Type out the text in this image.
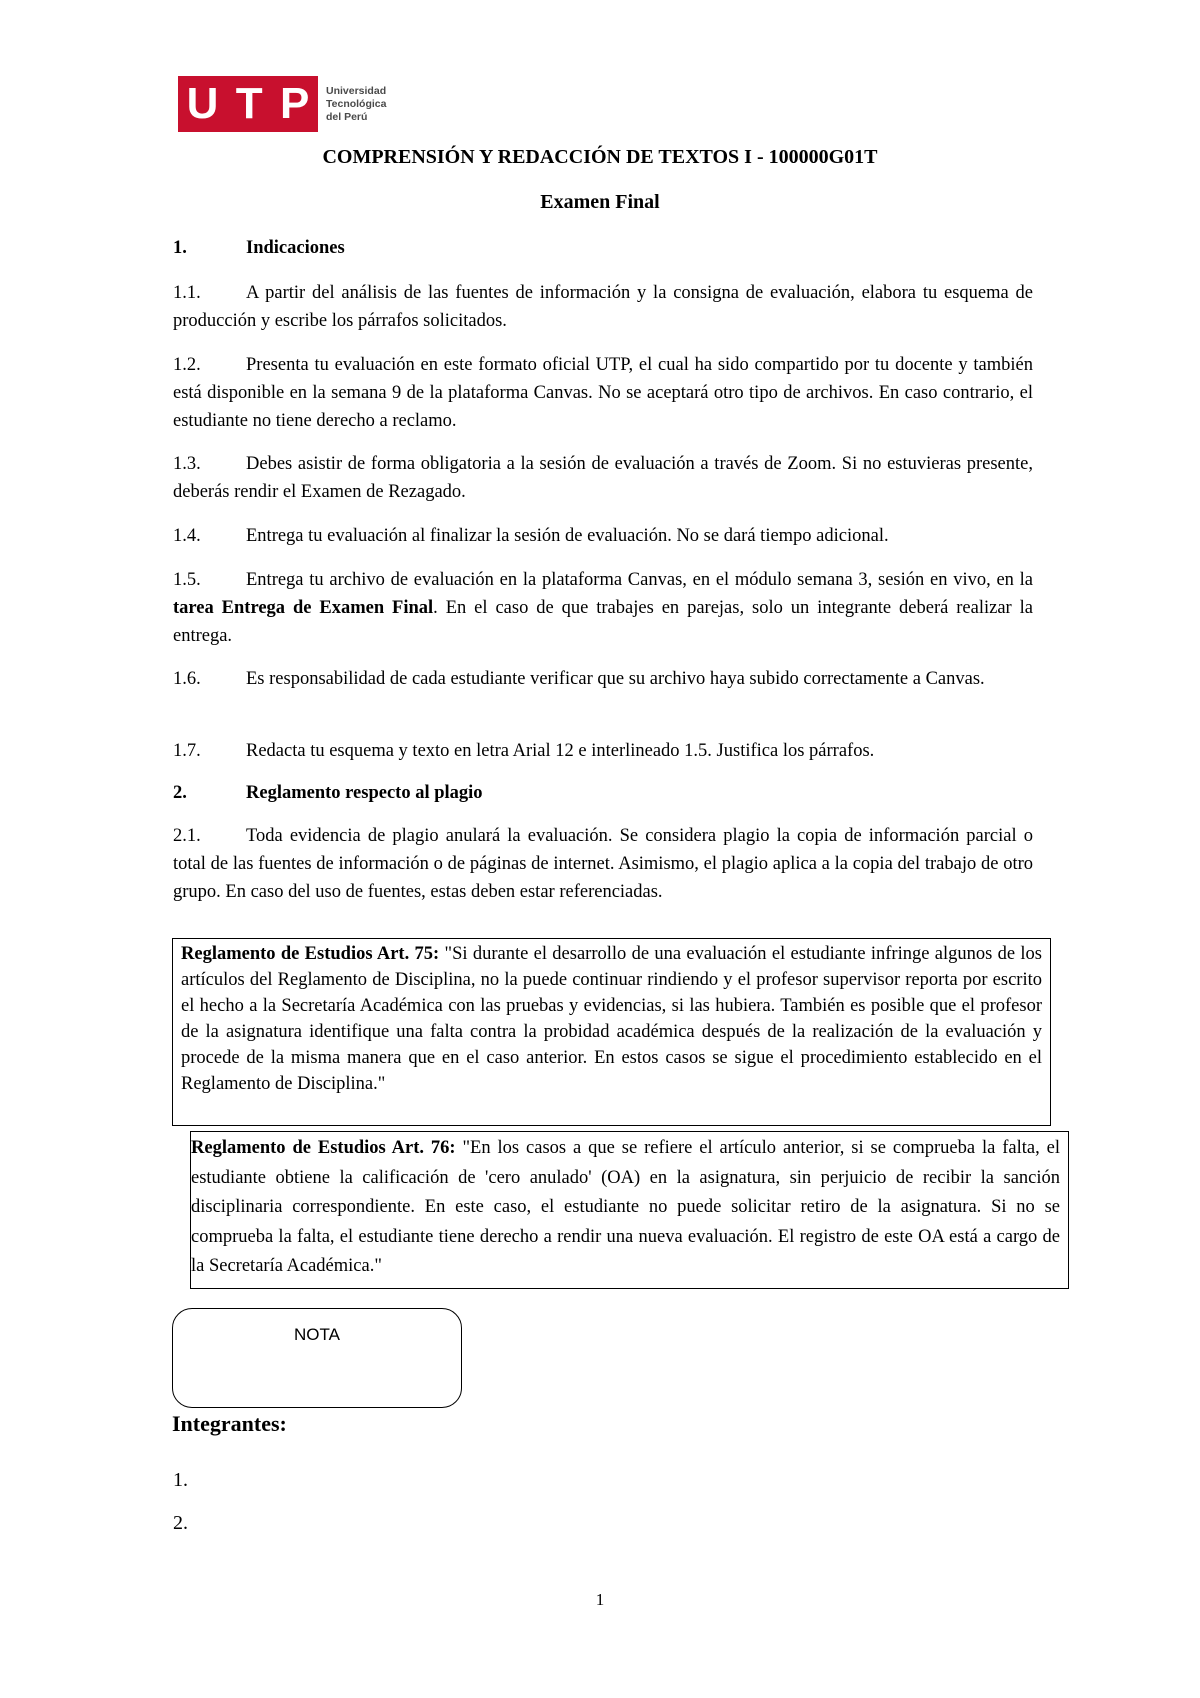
U T P Universidad
Tecnológica
del Perú
COMPRENSIÓN Y REDACCIÓN DE TEXTOS I - 100000G01T
Examen Final
1.	Indicaciones
1.1. A partir del análisis de las fuentes de información y la consigna de evaluación, elabora tu esquema de producción y escribe los párrafos solicitados.
1.2. Presenta tu evaluación en este formato oficial UTP, el cual ha sido compartido por tu docente y también está disponible en la semana 9 de la plataforma Canvas. No se aceptará otro tipo de archivos. En caso contrario, el estudiante no tiene derecho a reclamo.
1.3. Debes asistir de forma obligatoria a la sesión de evaluación a través de Zoom. Si no estuvieras presente, deberás rendir el Examen de Rezagado.
1.4. Entrega tu evaluación al finalizar la sesión de evaluación. No se dará tiempo adicional.
1.5. Entrega tu archivo de evaluación en la plataforma Canvas, en el módulo semana 3, sesión en vivo, en la tarea Entrega de Examen Final. En el caso de que trabajes en parejas, solo un integrante deberá realizar la entrega.
1.6. Es responsabilidad de cada estudiante verificar que su archivo haya subido correctamente a Canvas.
1.7. Redacta tu esquema y texto en letra Arial 12 e interlineado 1.5. Justifica los párrafos.
2.	Reglamento respecto al plagio
2.1. Toda evidencia de plagio anulará la evaluación. Se considera plagio la copia de información parcial o total de las fuentes de información o de páginas de internet. Asimismo, el plagio aplica a la copia del trabajo de otro grupo. En caso del uso de fuentes, estas deben estar referenciadas.
Reglamento de Estudios Art. 75: "Si durante el desarrollo de una evaluación el estudiante infringe algunos de los artículos del Reglamento de Disciplina, no la puede continuar rindiendo y el profesor supervisor reporta por escrito el hecho a la Secretaría Académica con las pruebas y evidencias, si las hubiera. También es posible que el profesor de la asignatura identifique una falta contra la probidad académica después de la realización de la evaluación y procede de la misma manera que en el caso anterior. En estos casos se sigue el procedimiento establecido en el Reglamento de Disciplina."
Reglamento de Estudios Art. 76: "En los casos a que se refiere el artículo anterior, si se comprueba la falta, el estudiante obtiene la calificación de 'cero anulado' (OA) en la asignatura, sin perjuicio de recibir la sanción disciplinaria correspondiente. En este caso, el estudiante no puede solicitar retiro de la asignatura. Si no se comprueba la falta, el estudiante tiene derecho a rendir una nueva evaluación. El registro de este OA está a cargo de la Secretaría Académica."
NOTA
Integrantes:
1.
2.
1
